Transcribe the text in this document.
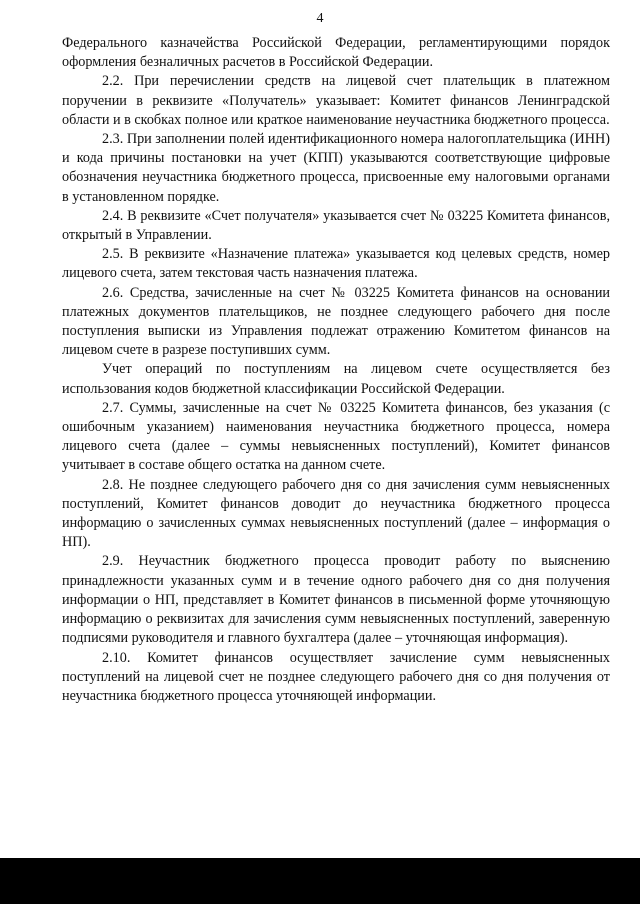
4

Федерального казначейства Российской Федерации, регламентирующими порядок оформления безналичных расчетов в Российской Федерации.

2.2. При перечислении средств на лицевой счет плательщик в платежном поручении в реквизите «Получатель» указывает: Комитет финансов Ленинградской области и в скобках полное или краткое наименование неучастника бюджетного процесса.

2.3. При заполнении полей идентификационного номера налогоплательщика (ИНН) и кода причины постановки на учет (КПП) указываются соответствующие цифровые обозначения неучастника бюджетного процесса, присвоенные ему налоговыми органами в установленном порядке.

2.4. В реквизите «Счет получателя» указывается счет № 03225 Комитета финансов, открытый в Управлении.

2.5. В реквизите «Назначение платежа» указывается код целевых средств, номер лицевого счета, затем текстовая часть назначения платежа.

2.6. Средства, зачисленные на счет № 03225 Комитета финансов на основании платежных документов плательщиков, не позднее следующего рабочего дня после поступления выписки из Управления подлежат отражению Комитетом финансов на лицевом счете в разрезе поступивших сумм.

Учет операций по поступлениям на лицевом счете осуществляется без использования кодов бюджетной классификации Российской Федерации.

2.7. Суммы, зачисленные на счет № 03225 Комитета финансов, без указания (с ошибочным указанием) наименования неучастника бюджетного процесса, номера лицевого счета (далее – суммы невыясненных поступлений), Комитет финансов учитывает в составе общего остатка на данном счете.

2.8. Не позднее следующего рабочего дня со дня зачисления сумм невыясненных поступлений, Комитет финансов доводит до неучастника бюджетного процесса информацию о зачисленных суммах невыясненных поступлений (далее – информация о НП).

2.9. Неучастник бюджетного процесса проводит работу по выяснению принадлежности указанных сумм и в течение одного рабочего дня со дня получения информации о НП, представляет в Комитет финансов в письменной форме уточняющую информацию о реквизитах для зачисления сумм невыясненных поступлений, заверенную подписями руководителя и главного бухгалтера (далее – уточняющая информация).

2.10. Комитет финансов осуществляет зачисление сумм невыясненных поступлений на лицевой счет не позднее следующего рабочего дня со дня получения от неучастника бюджетного процесса уточняющей информации.
